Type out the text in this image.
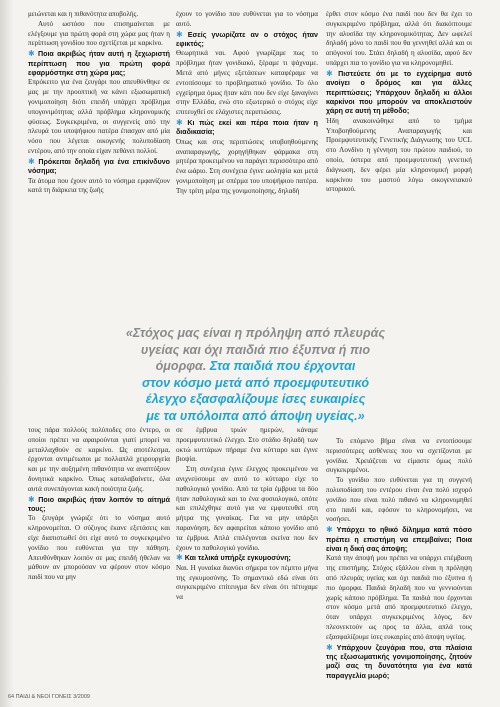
μειώνεται και η πιθανότητα αποβολής.

Αυτό ωστόσο που επισημαίνεται με ελέγξουμε για πρώτη φορά στη χώρα μας ήταν η περίπτωση γονιδίου που σχετίζεται με καρκίνο.

✱ Ποια ακριβώς ήταν αυτή η ξεχωριστή περίπτωση που για πρώτη φορά εφαρμόστηκε στη χώρα μας;

Επρόκειτο για ένα ζευγάρι που απευθύνθηκε σε μας με την προοπτική να κάνει εξωσωματική γονιμοποίηση διότι επειδή υπάρχει πρόβλημα υπογονιμότητας αλλά πρόβλημα κληρονομικής φύσεως. Συγκεκριμένα, οι συγγενείς από την πλευρά του υποψήφιου πατέρα έπασχαν από μία νόσο που λέγεται οικογενής πολυποδίαση εντέρου, από την οποία είχαν πεθάνει πολλοί.

✱ Πρόκειται δηλαδή για ένα επικίνδυνο νόσημα;

Τα άτομα που έχουν αυτό το νόσημα εμφανίζουν κατά τη διάρκεια της ζωής

έχουν το γονίδιο που ευθύνεται για το νόσημα αυτό.

✱ Εσείς γνωρίζατε αν ο στόχος ήταν εφικτός;

Θεωρητικά ναι. Αφού γνωρίζαμε πως το πρόβλημα ήταν γονιδιακό, ξέραμε τι ψάχναμε. Μετά από μήνες εξετάσεων καταφέραμε να εντοπίσουμε το προβληματικό γονίδιο. Το όλο εγχείρημα όμως ήταν κάτι που δεν είχε ξαναγίνει στην Ελλάδα, ενώ στο εξωτερικό ο στόχος είχε επιτευχθεί σε ελάχιστες περιπτώσεις.

✱ Κι πώς εκεί και πέρα ποια ήταν η διαδικασία;

Όπως και στις περιπτώσεις υποβοηθούμενης αναπαραγωγής, χορηγήθηκαν φάρμακα στη μητέρα προκειμένου να παράγει περισσότερο από ένα ωάριο. Στη συνέχεια έγινε ωοληψία και μετά γονιμοποίηση με σπέρμα του υποψήφιου πατέρα. Την τρίτη μέρα της γονιμοποίησης, δηλαδή

«Στόχος μας είναι η πρόληψη από πλευράς
υγείας και όχι παιδιά πιο έξυπνα ή πιο
όμορφα. Στα παιδιά που έρχονται
στον κόσμο μετά από προεμφυτευτικό
έλεγχο εξασφαλίζουμε ίσες ευκαιρίες
με τα υπόλοιπα από άποψη υγείας.»

τους πάρα πολλούς πολύποδες στο έντερο, οι οποίοι πρέπει να αφαιρούνται γιατί μπορεί να μεταλλαχθούν σε καρκίνο. Ως αποτέλεσμα, έρχονται αντιμέτωποι με πολλαπλά χειρουργεία και με την αυξημένη πιθανότητα να αναπτύξουν δυνητικά καρκίνο. Όπως καταλαβαίνετε, όλα αυτά συνεπάγονται κακή ποιότητα ζωής.

✱ Ποιο ακριβώς ήταν λοιπόν το αίτημά τους;

Το ζευγάρι γνώριζε ότι το νόσημα αυτό κληρονομείται. Ο σύζυγος έκανε εξετάσεις και είχε διαπιστωθεί ότι είχε αυτό το συγκεκριμένο γονίδιο που ευθύνεται για την πάθηση. Απευθύνθηκαν λοιπόν σε μας επειδή ήθελαν να μάθουν αν μπορούσαν να φέρουν στον κόσμο παιδί που να μην

σε έμβρυα τριών ημερών, κάναμε προεμφυτευτικό έλεγχο. Στο στάδιο δηλαδή των οκτώ κυττάρων πήραμε ένα κύτταρο και έγινε βιοψία.

Στη συνέχεια έγινε έλεγχος προκειμένου να ανιχνεύσουμε αν αυτό το κύτταρο είχε το παθολογικό γονίδιο. Από τα τρία έμβρυα τα δύο ήταν παθολογικά και το ένα φυσιολογικό, οπότε και επιλέχθηκε αυτό για να εμφυτευθεί στη μήτρα της γυναίκας. Για να μην υπάρξει παρανόηση, δεν αφαιρείται κάποιο γονίδιο από τα έμβρυα. Απλά επιλέγονται εκείνα που δεν έχουν το παθολογικό γονίδιο.

✱ Και τελικά υπήρξε εγκυμοσύνη;

Ναι. Η γυναίκα διανύει σήμερα τον πέμπτο μήνα της εγκυμοσύνης. Το σημαντικό εδώ είναι ότι συγκεκριμένο επίτευγμα δεν είναι ότι πέτυχαμε να

έρθει στον κόσμο ένα παιδί που δεν θα έχει το συγκεκριμένο πρόβλημα, αλλά ότι διακόπτουμε την αλυσίδα την κληρονομικότητας. Δεν ωφελεί δηλαδή μόνο το παιδί που θα γεννηθεί αλλά και οι απόγονοί του. Στάει δηλαδή η αλυσίδα, αφού δεν υπάρχει πια το γονίδιο για να κληρονομηθεί.

✱ Πιστεύετε ότι με το εγχείρημα αυτό ανοίγει ο δρόμος και για άλλες περιπτώσεις; Υπάρχουν δηλαδή κι άλλοι καρκίνοι που μπορούν να αποκλειστούν χάρη σε αυτή τη μέθοδο;

Ήδη ανακοινώθηκε από το τμήμα Υποβοηθούμενης Αναπαραγωγής και Προεμφυτευτικής Γενετικής Διάγνωσης του UCL στο Λονδίνο η γέννηση του πρώτου παιδιού, το οποίο, ύστερα από προεμφυτευτική γενετική διάγνωση, δεν φέρει μία κληρονομική μορφή καρκίνου του μαστού λόγω οικογενειακού ιστορικού.

Το επόμενο βήμα είναι να εντοπίσουμε περισσότερες ασθένειες που να σχετίζονται με γονίδια. Χρειάζεται να είμαστε όμως πολύ συγκεκριμένοι.

Το γονίδιο που ευθύνεται για τη συγγενή πολυποδίαση του εντέρου είναι ένα πολύ ισχυρό γονίδιο που είναι πολύ πιθανό να κληρονομηθεί στο παιδί και, εφόσον το κληρονομήσει, να νοσήσει.

✱ Υπάρχει το ηθικό δίλημμα κατά πόσο πρέπει η επιστήμη να επεμβαίνει; Ποια είναι η δική σας άποψη;

Κατά την άποψή μου πρέπει να υπάρχει επέμβαση της επιστήμης. Στόχος εξάλλου είναι η πρόληψη από πλευράς υγείας και όχι παιδιά πιο έξυπνα ή πιο όμορφα. Παιδιά δηλαδή που να γεννιούνται χωρίς κάποιο πρόβλημα. Τα παιδιά που έρχονται στον κόσμο μετά από προεμφυτευτικό έλεγχο, όταν υπάρχει συγκεκριμένος λόγος, δεν πλεονεκτούν ως προς τα άλλα, απλά τους εξασφαλίζουμε ίσες ευκαιρίες από άποψη υγείας.

✱ Υπάρχουν ζευγάρια που, στα πλαίσια της εξωσωματικής γονιμοποίησης, ζητούν μαζί σας τη δυνατότητα για ένα κατά παραγγελία μωρό;

64 ΠΑΙΔΙ & ΝΕΟΙ ΓΟΝΕΙΣ 3/2009
